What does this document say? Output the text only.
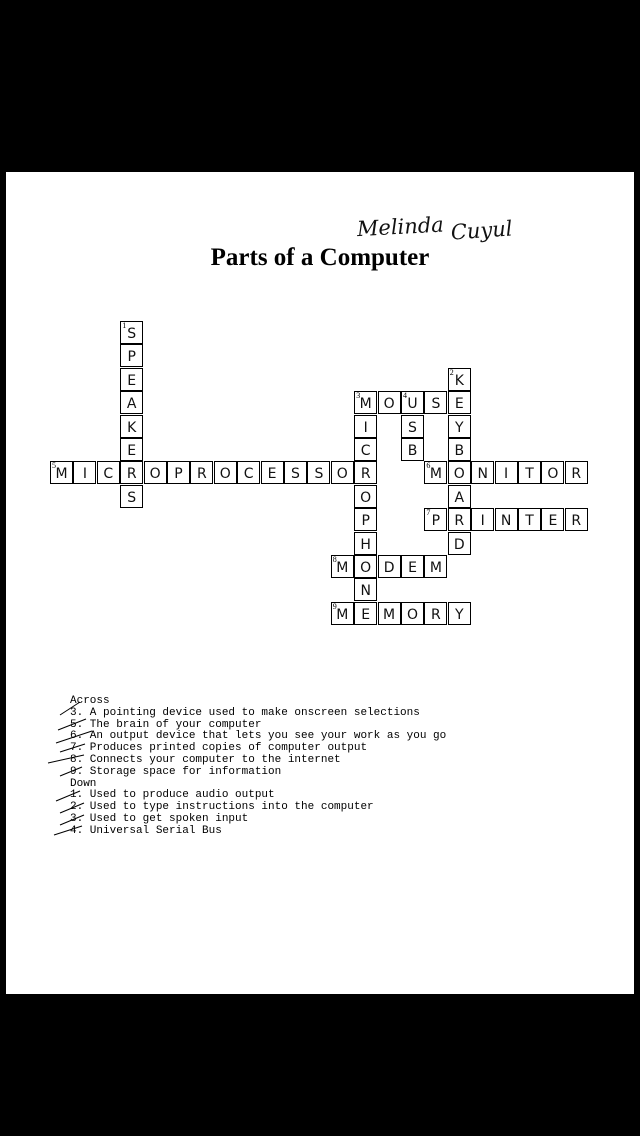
Melinda Cuyul
Parts of a Computer
3
M O
4
U S	E
5
M	I	C R O P	R O C	E	S	S O R
6
M O N	I	T O R
7
P	R	I	N T	E	R
8
M O D E M
9
M E M O R	Y
1
S
P
E
A
K
E
S
2
K
Y
B
A
D
I
C
O
P
H
N
S
B
Across
3. A pointing device used to make onscreen selections
5. The brain of your computer
6. An output device that lets you see your work as you go
7. Produces printed copies of computer output
8. Connects your computer to the internet
9. Storage space for information
Down
1. Used to produce audio output
2. Used to type instructions into the computer
3. Used to get spoken input
4. Universal Serial Bus
